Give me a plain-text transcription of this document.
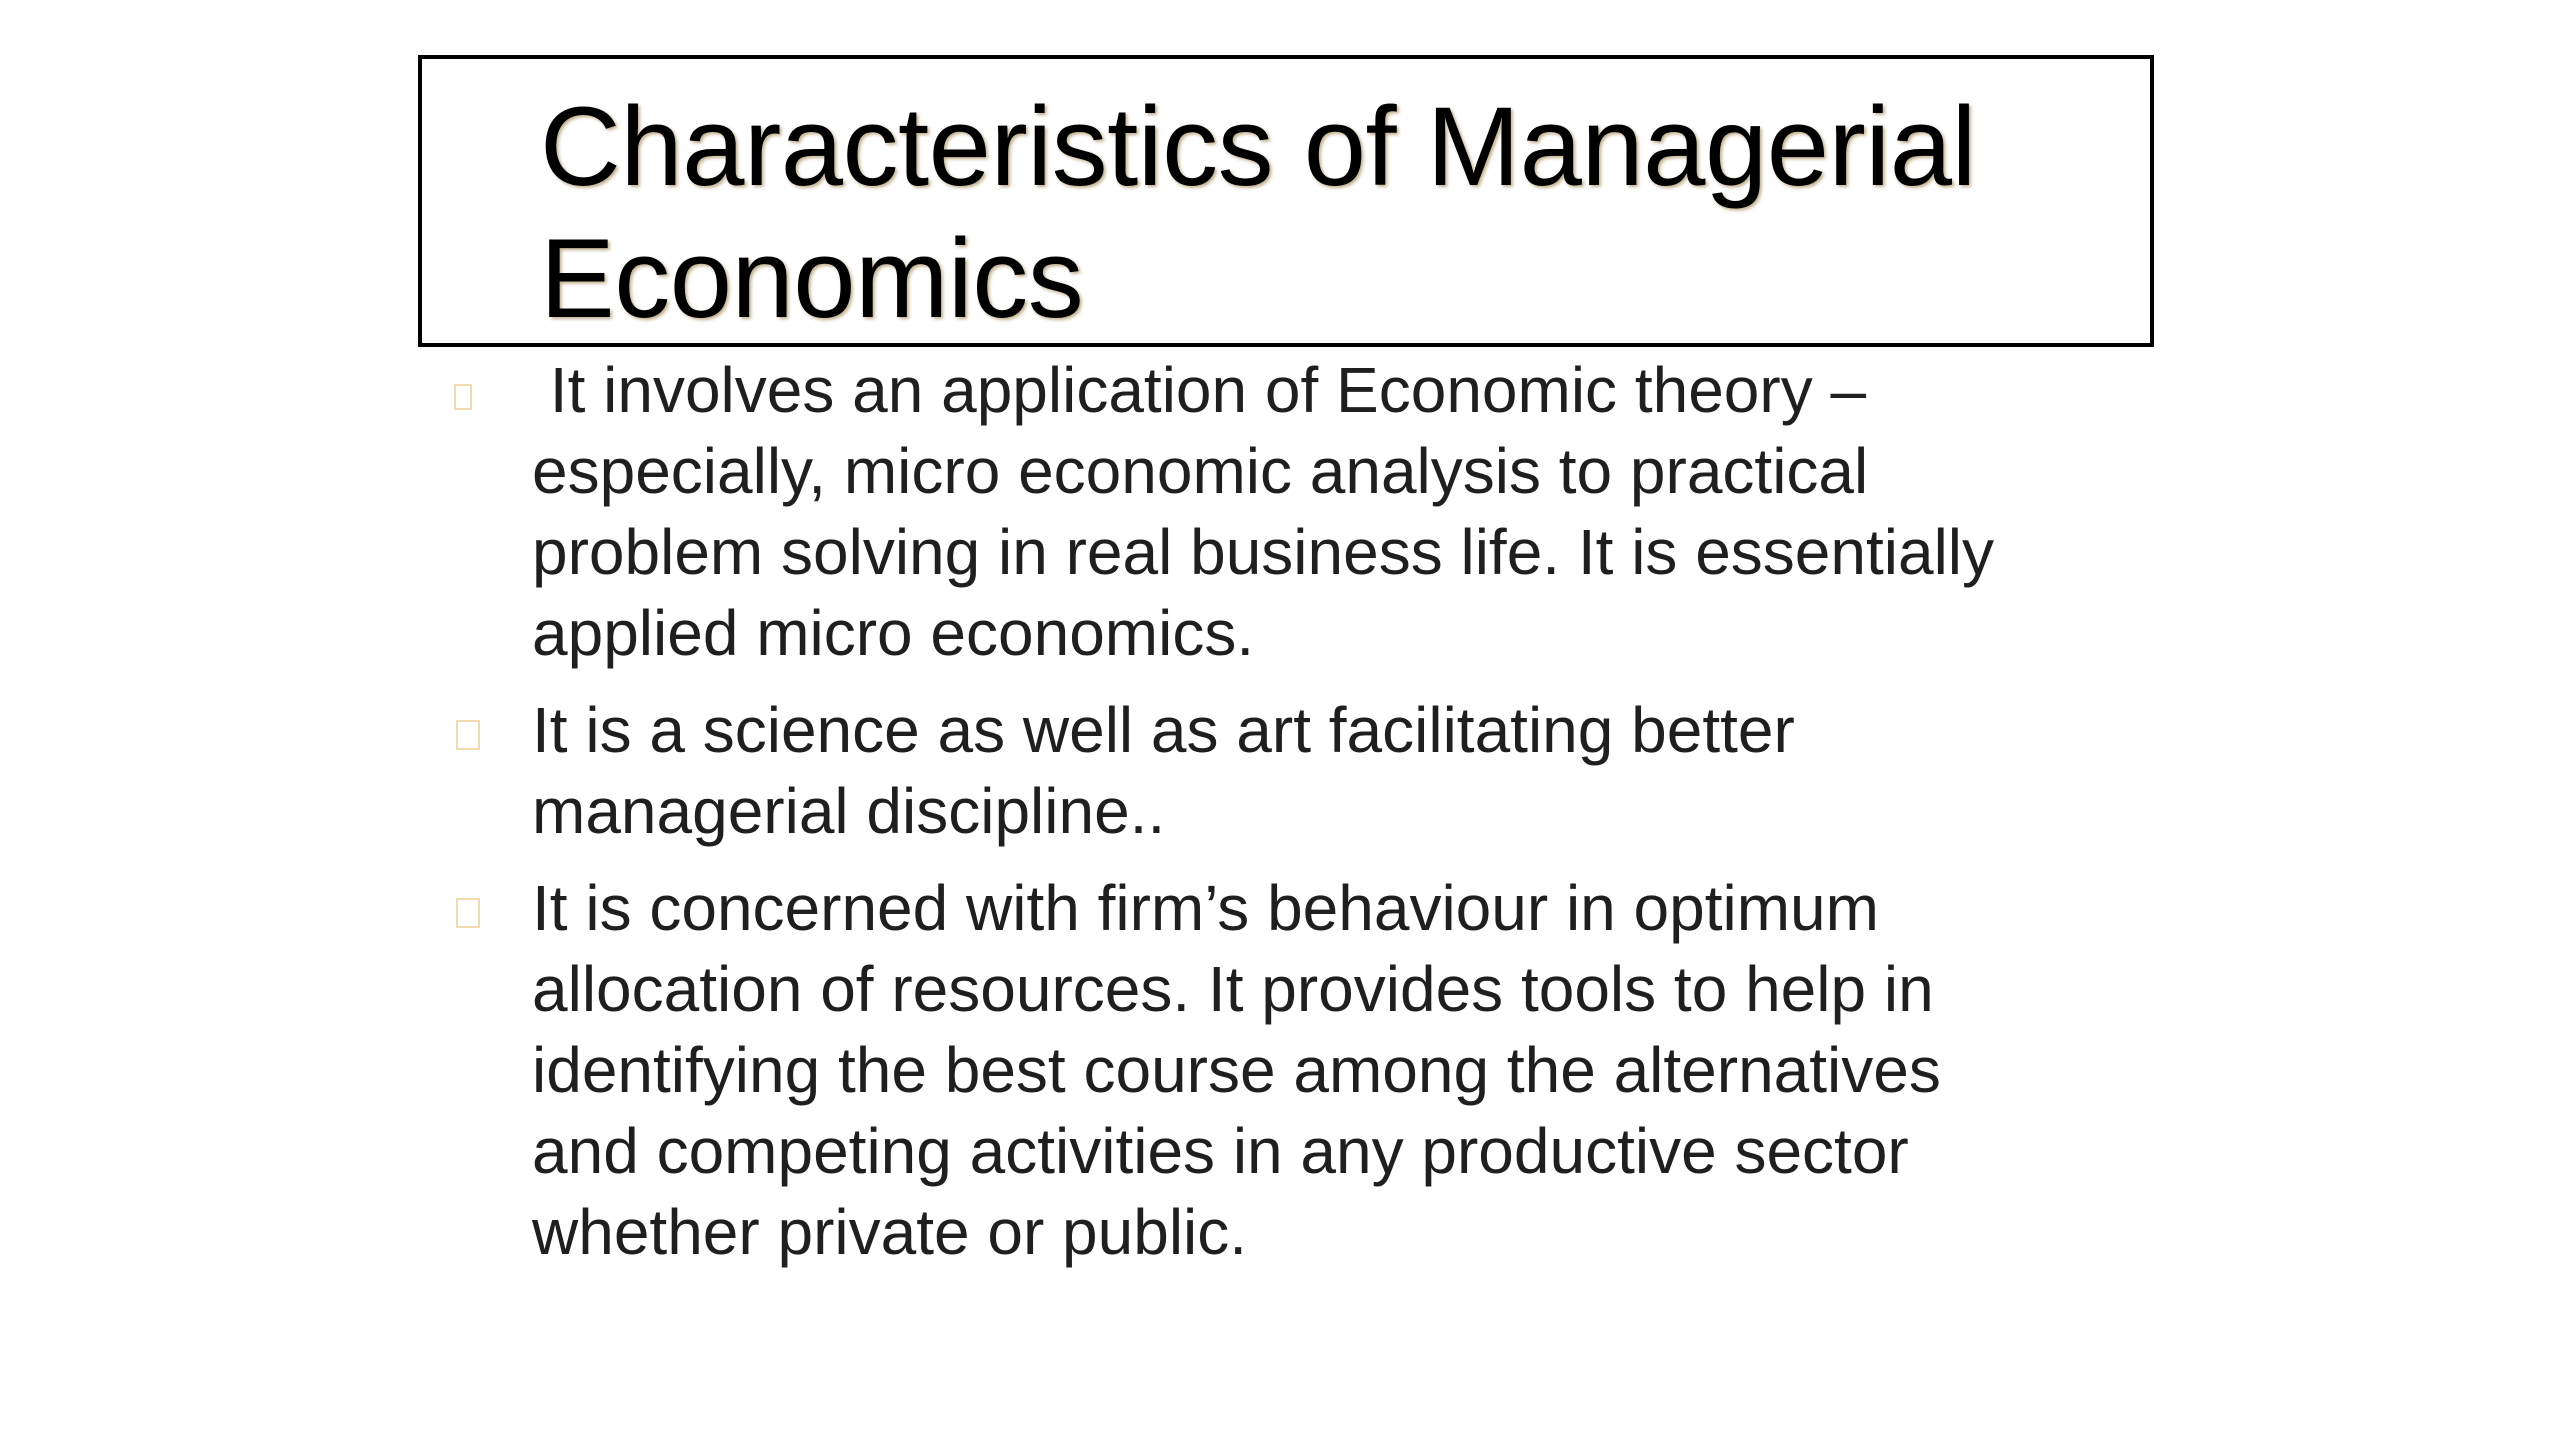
Characteristics of Managerial
Economics
It involves an application of Economic theory –
especially, micro economic analysis to practical
problem solving in real business life. It is essentially
applied micro economics.
It is a science as well as art facilitating better
managerial discipline..
It is concerned with firm’s behaviour in optimum
allocation of resources. It provides tools to help in
identifying the best course among the alternatives
and competing activities in any productive sector
whether private or public.
